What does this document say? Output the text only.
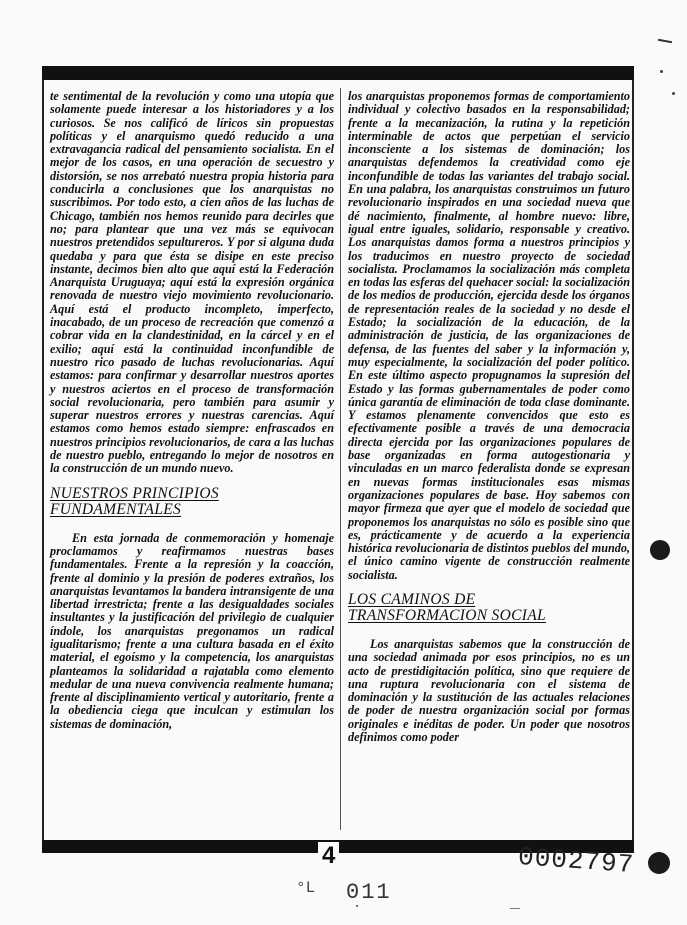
te sentimental de la revolución y como una utopía que solamente puede interesar a los historiadores y a los curiosos. Se nos calificó de líricos sin propuestas políticas y el anarquismo quedó reducido a una extravagancia radical del pensamiento socialista. En el mejor de los casos, en una operación de secuestro y distorsión, se nos arrebató nuestra propia historia para conducirla a conclusiones que los anarquistas no suscribimos. Por todo esto, a cien años de las luchas de Chicago, también nos hemos reunido para decirles que no; para plantear que una vez más se equivocan nuestros pretendidos sepultureros. Y por si alguna duda quedaba y para que ésta se disipe en este preciso instante, decimos bien alto que aquí está la Federación Anarquista Uruguaya; aquí está la expresión orgánica renovada de nuestro viejo movimiento revolucionario. Aquí está el producto incompleto, imperfecto, inacabado, de un proceso de recreación que comenzó a cobrar vida en la clandestinidad, en la cárcel y en el exilio; aquí está la continuidad inconfundible de nuestro rico pasado de luchas revolucionarias. Aquí estamos: para confirmar y desarrollar nuestros aportes y nuestros aciertos en el proceso de transformación social revolucionaria, pero también para asumir y superar nuestros errores y nuestras carencias. Aquí estamos como hemos estado siempre: enfrascados en nuestros principios revolucionarios, de cara a las luchas de nuestro pueblo, entregando lo mejor de nosotros en la construcción de un mundo nuevo.

NUESTROS PRINCIPIOS
FUNDAMENTALES

En esta jornada de conmemoración y homenaje proclamamos y reafirmamos nuestras bases fundamentales. Frente a la represión y la coacción, frente al dominio y la presión de poderes extraños, los anarquistas levantamos la bandera intransigente de una libertad irrestricta; frente a las desigualdades sociales insultantes y la justificación del privilegio de cualquier índole, los anarquistas pregonamos un radical igualitarismo; frente a una cultura basada en el éxito material, el egoísmo y la competencia, los anarquistas planteamos la solidaridad a rajatabla como elemento medular de una nueva convivencia realmente humana; frente al disciplinamiento vertical y autoritario, frente a la obediencia ciega que inculcan y estimulan los sistemas de dominación,

los anarquistas proponemos formas de comportamiento individual y colectivo basados en la responsabilidad; frente a la mecanización, la rutina y la repetición interminable de actos que perpetúan el servicio inconsciente a los sistemas de dominación; los anarquistas defendemos la creatividad como eje inconfundible de todas las variantes del trabajo social. En una palabra, los anarquistas construimos un futuro revolucionario inspirados en una sociedad nueva que dé nacimiento, finalmente, al hombre nuevo: libre, igual entre iguales, solidario, responsable y creativo. Los anarquistas damos forma a nuestros principios y los traducimos en nuestro proyecto de sociedad socialista. Proclamamos la socialización más completa en todas las esferas del quehacer social: la socialización de los medios de producción, ejercida desde los órganos de representación reales de la sociedad y no desde el Estado; la socialización de la educación, de la administración de justicia, de las organizaciones de defensa, de las fuentes del saber y la información y, muy especialmente, la socialización del poder político. En este último aspecto propugnamos la supresión del Estado y las formas gubernamentales de poder como única garantía de eliminación de toda clase dominante. Y estamos plenamente convencidos que esto es efectivamente posible a través de una democracia directa ejercida por las organizaciones populares de base organizadas en forma autogestionaria y vinculadas en un marco federalista donde se expresan en nuevas formas institucionales esas mismas organizaciones populares de base. Hoy sabemos con mayor firmeza que ayer que el modelo de sociedad que proponemos los anarquistas no sólo es posible sino que es, prácticamente y de acuerdo a la experiencia histórica revolucionaria de distintos pueblos del mundo, el único camino vigente de construcción realmente socialista.

LOS CAMINOS DE
TRANSFORMACION SOCIAL

Los anarquistas sabemos que la construcción de una sociedad animada por esos principios, no es un acto de prestidigitación política, sino que requiere de una ruptura revolucionaria con el sistema de dominación y la sustitución de las actuales relaciones de poder de nuestra organización social por formas originales e inéditas de poder. Un poder que nosotros definimos como poder

4	0002797
°L 011
